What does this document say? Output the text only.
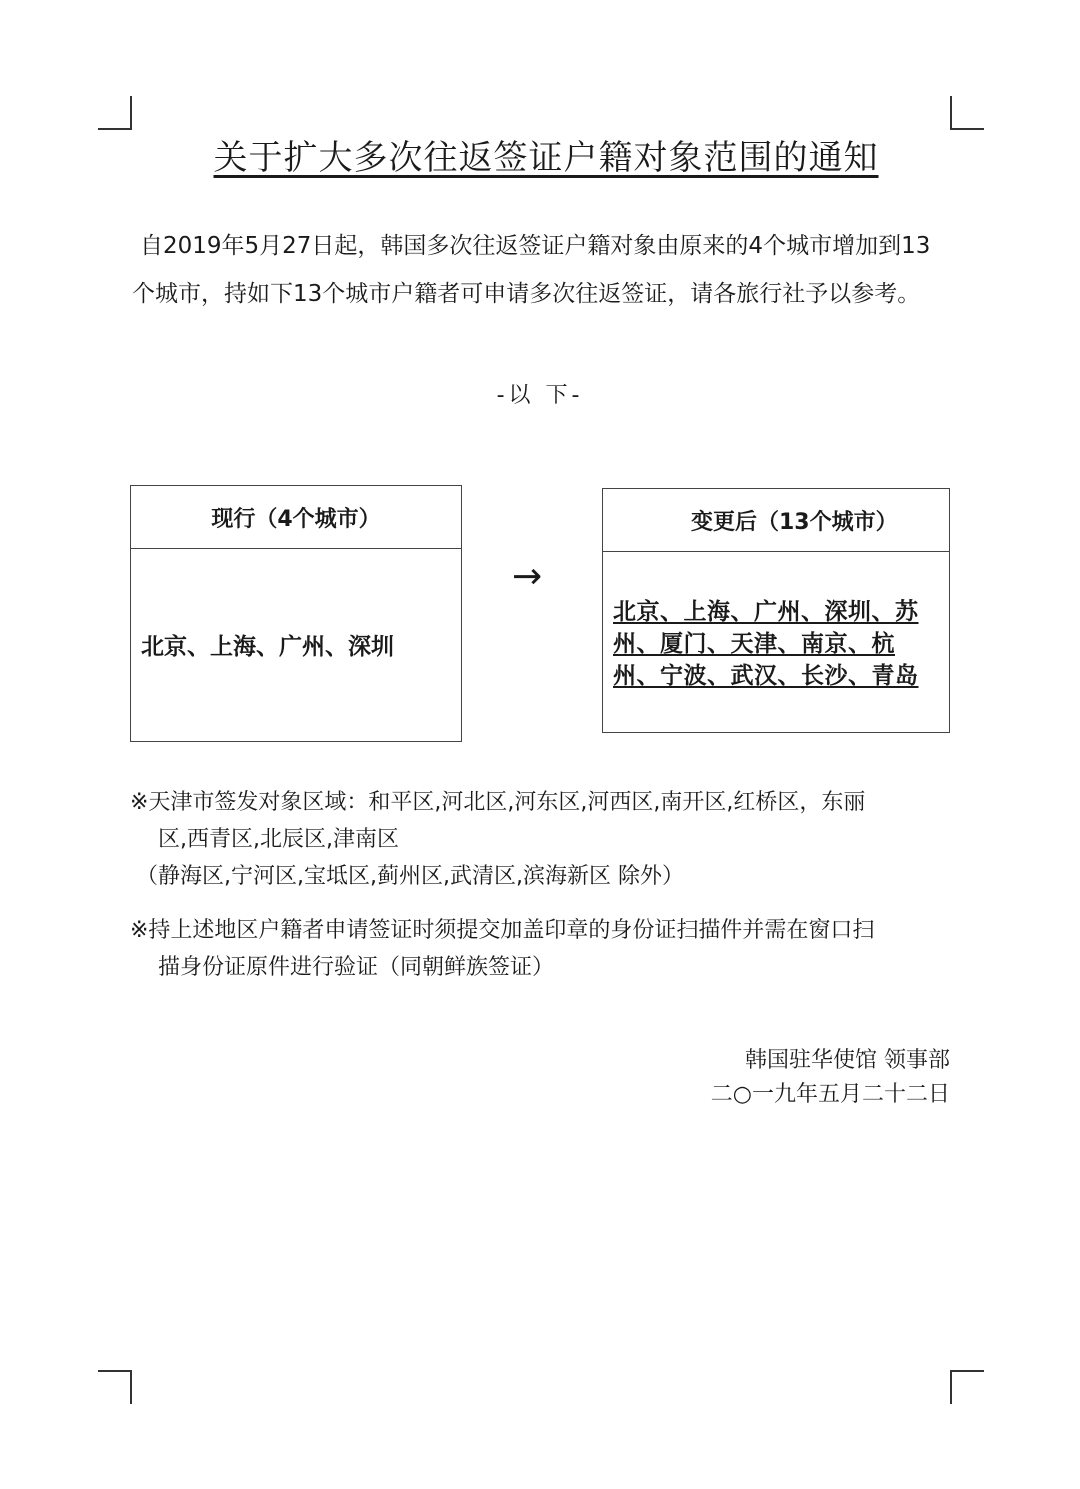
关于扩大多次往返签证户籍对象范围的通知
自2019年5月27日起，韩国多次往返签证户籍对象由原来的4个城市增加到13个城市，持如下13个城市户籍者可申请多次往返签证，请各旅行社予以参考。
-以 下-
现行（4个城市）
北京、上海、广州、深圳
→
变更后（13个城市）
北京、上海、广州、深圳、苏
州、厦门、天津、南京、杭
州、宁波、武汉、长沙、青岛
※天津市签发对象区域：和平区,河北区,河东区,河西区,南开区,红桥区，东丽
区,西青区,北辰区,津南区
（静海区,宁河区,宝坻区,蓟州区,武清区,滨海新区 除外）
※持上述地区户籍者申请签证时须提交加盖印章的身份证扫描件并需在窗口扫
描身份证原件进行验证（同朝鲜族签证）
韩国驻华使馆 领事部
二○一九年五月二十二日
